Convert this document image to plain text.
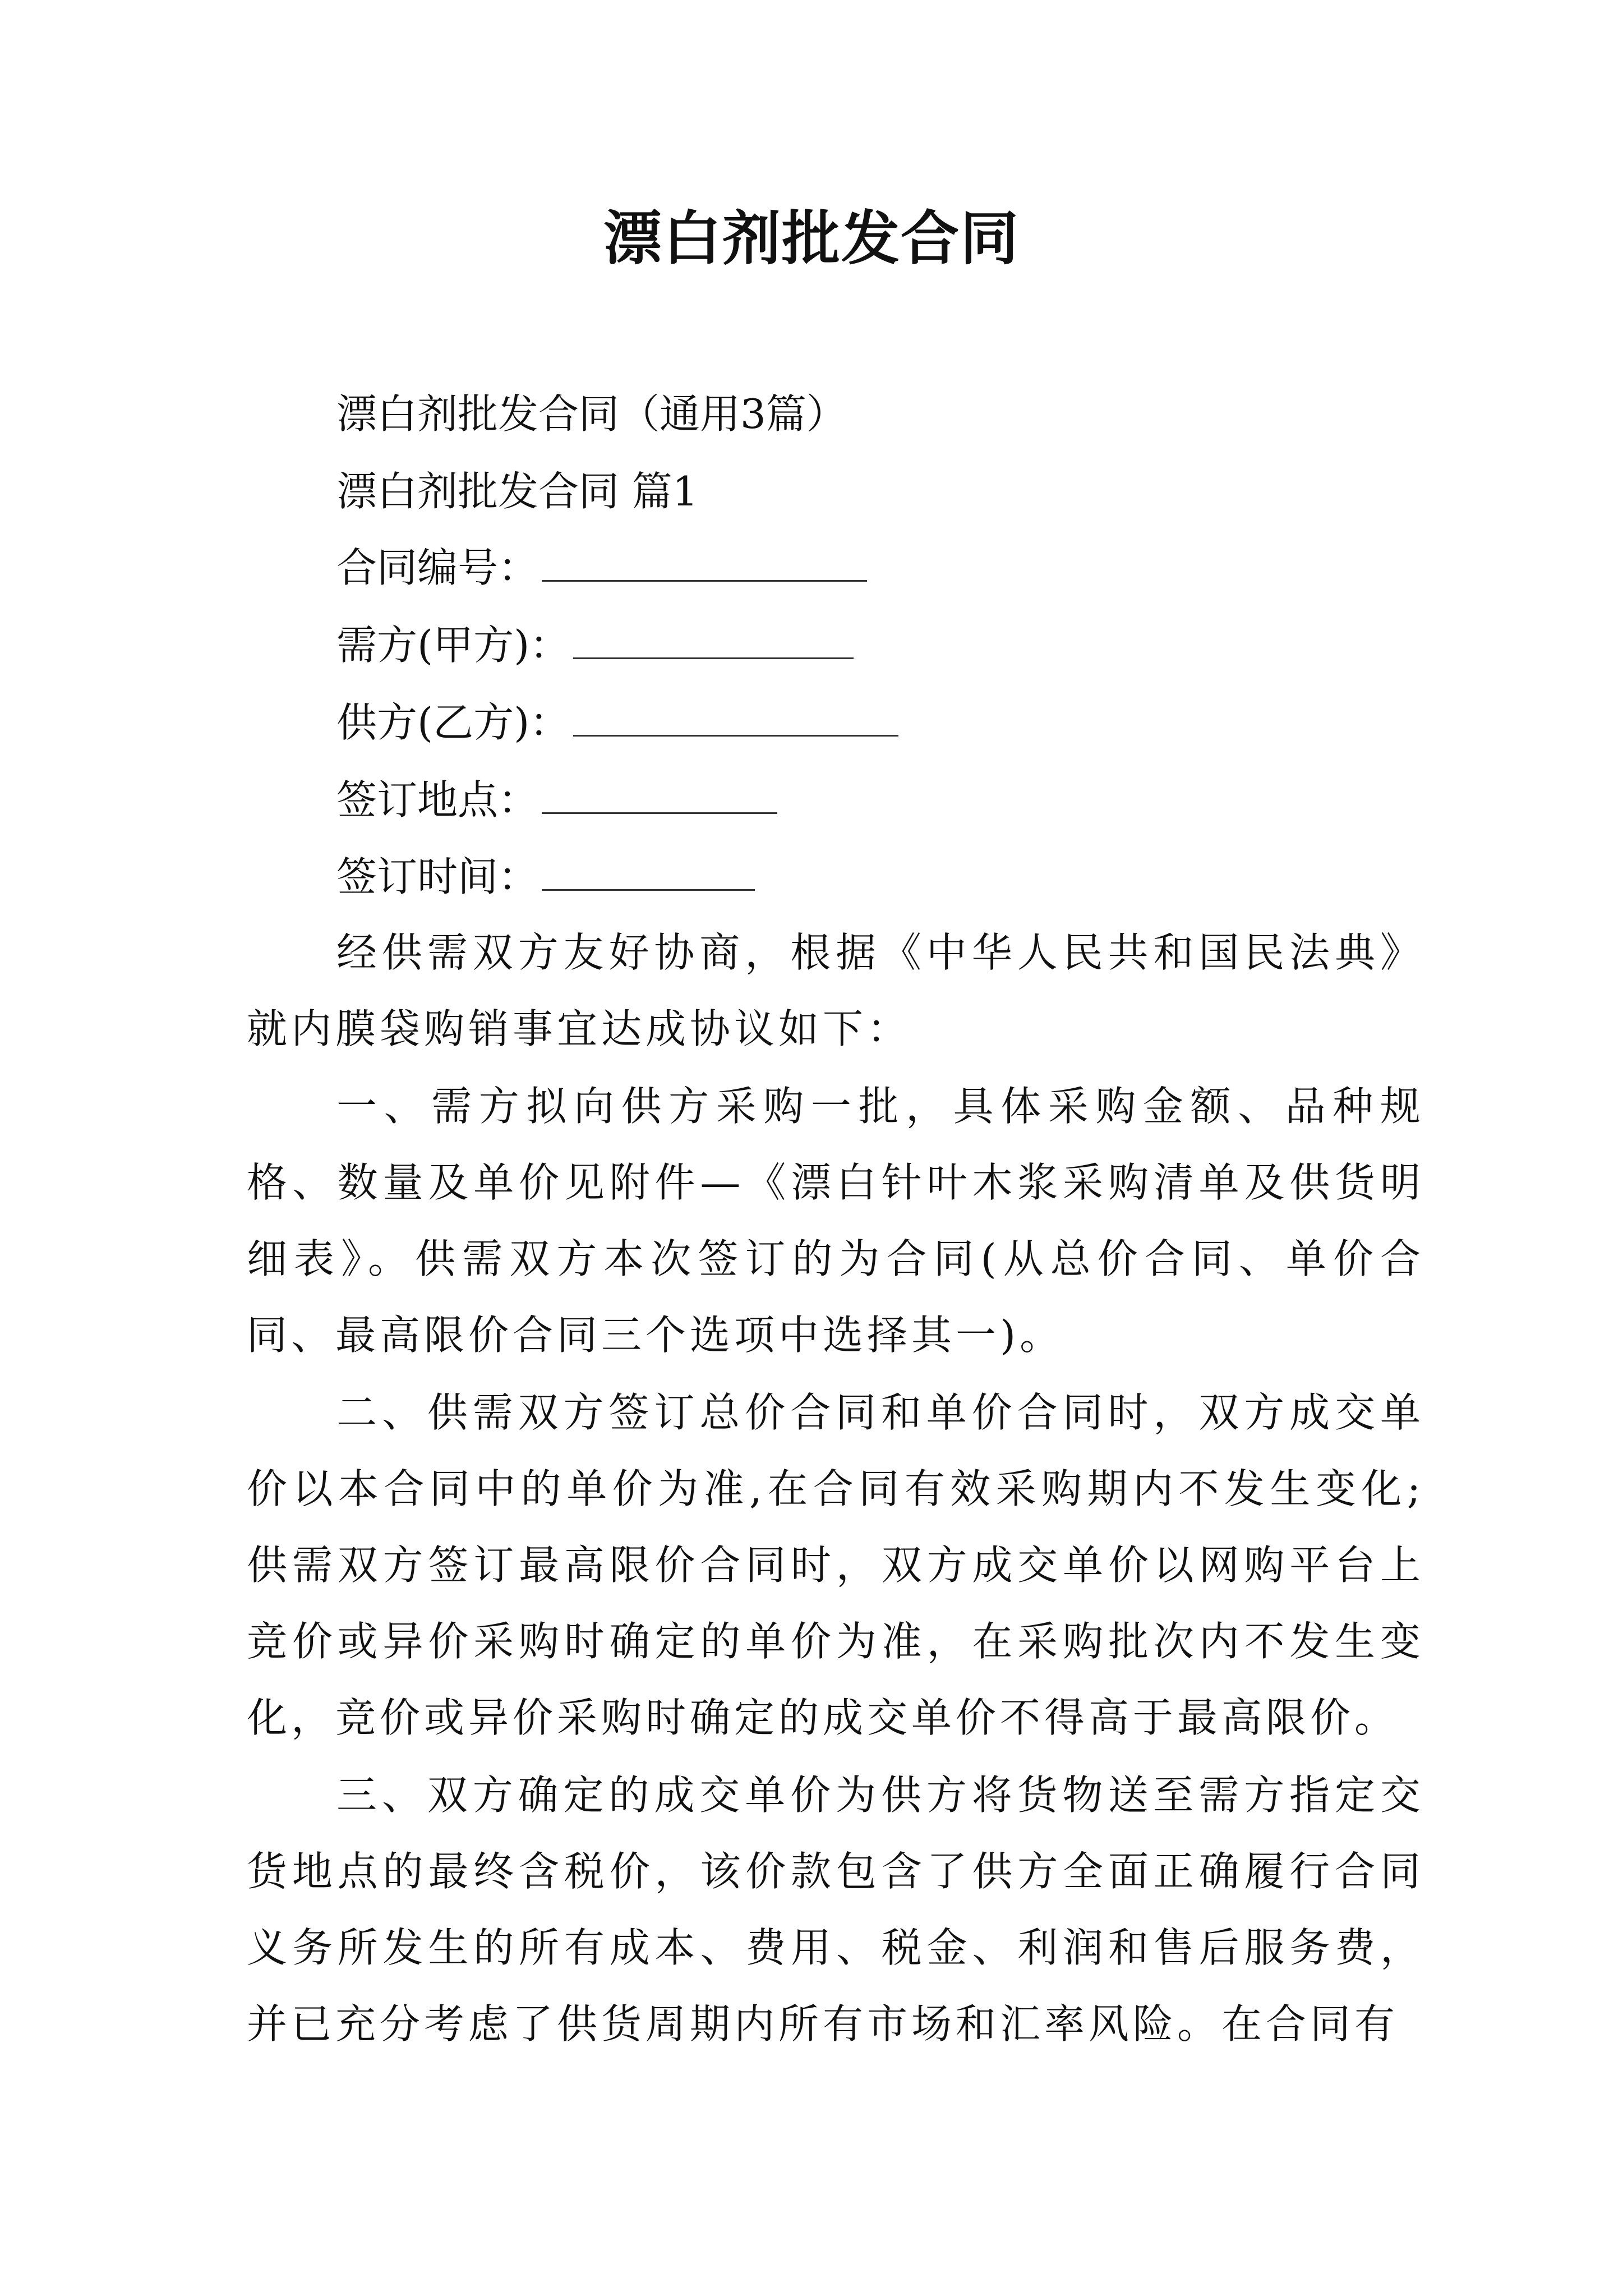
漂白剂批发合同
漂白剂批发合同（通用3篇）
漂白剂批发合同 篇1
合同编号：
需方(甲方)：
供方(乙方)：
签订地点：
签订时间：

经供需双方友好协商，根据《中华人民共和国民法典》就内膜袋购销事宜达成协议如下：

一、需方拟向供方采购一批，具体采购金额、品种规格、数量及单价见附件—《漂白针叶木浆采购清单及供货明细表》。供需双方本次签订的为合同(从总价合同、单价合同、最高限价合同三个选项中选择其一)。

二、供需双方签订总价合同和单价合同时，双方成交单价以本合同中的单价为准,在合同有效采购期内不发生变化;供需双方签订最高限价合同时，双方成交单价以网购平台上竞价或异价采购时确定的单价为准，在采购批次内不发生变化，竞价或异价采购时确定的成交单价不得高于最高限价。

三、双方确定的成交单价为供方将货物送至需方指定交货地点的最终含税价，该价款包含了供方全面正确履行合同义务所发生的所有成本、费用、税金、利润和售后服务费，并已充分考虑了供货周期内所有市场和汇率风险。在合同有
